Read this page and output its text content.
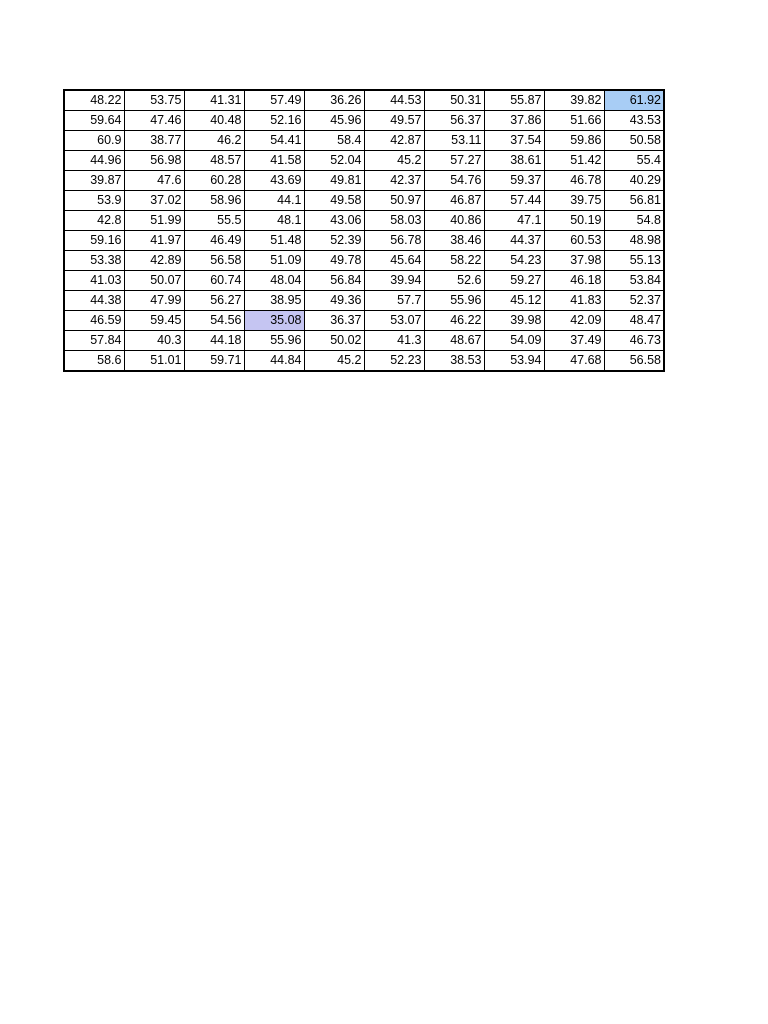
48.22	53.75	41.31	57.49	36.26	44.53	50.31	55.87	39.82	61.92
59.64	47.46	40.48	52.16	45.96	49.57	56.37	37.86	51.66	43.53
60.9	38.77	46.2	54.41	58.4	42.87	53.11	37.54	59.86	50.58
44.96	56.98	48.57	41.58	52.04	45.2	57.27	38.61	51.42	55.4
39.87	47.6	60.28	43.69	49.81	42.37	54.76	59.37	46.78	40.29
53.9	37.02	58.96	44.1	49.58	50.97	46.87	57.44	39.75	56.81
42.8	51.99	55.5	48.1	43.06	58.03	40.86	47.1	50.19	54.8
59.16	41.97	46.49	51.48	52.39	56.78	38.46	44.37	60.53	48.98
53.38	42.89	56.58	51.09	49.78	45.64	58.22	54.23	37.98	55.13
41.03	50.07	60.74	48.04	56.84	39.94	52.6	59.27	46.18	53.84
44.38	47.99	56.27	38.95	49.36	57.7	55.96	45.12	41.83	52.37
46.59	59.45	54.56	35.08	36.37	53.07	46.22	39.98	42.09	48.47
57.84	40.3	44.18	55.96	50.02	41.3	48.67	54.09	37.49	46.73
58.6	51.01	59.71	44.84	45.2	52.23	38.53	53.94	47.68	56.58
